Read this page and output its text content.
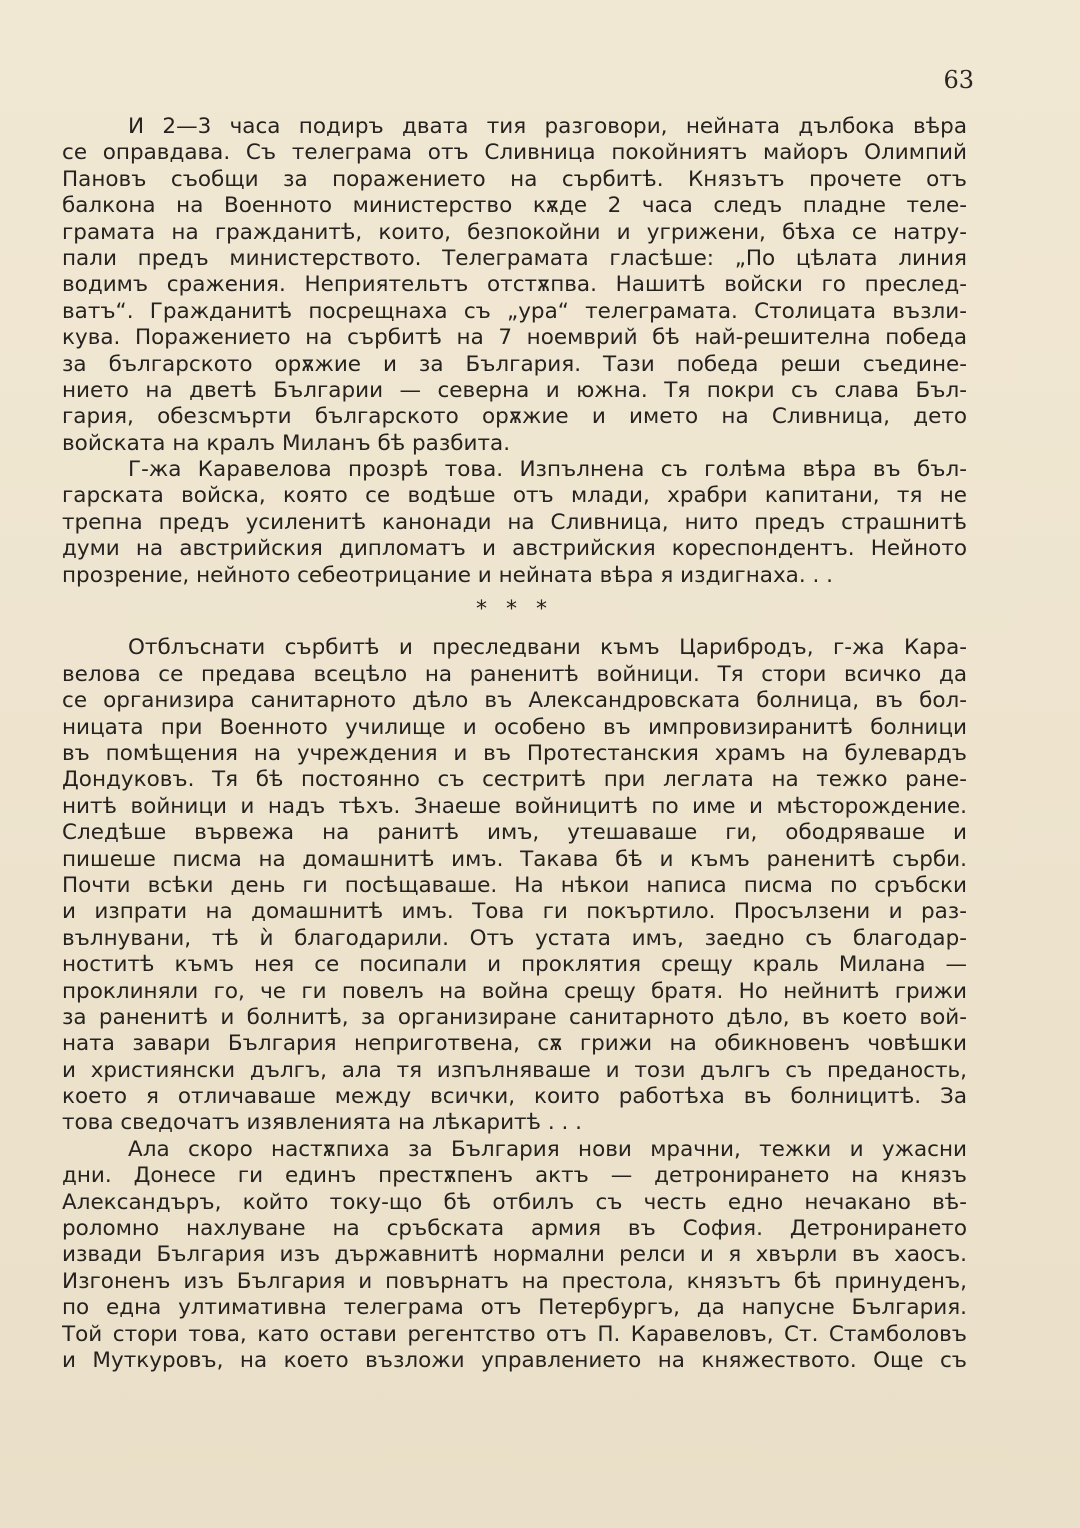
63
И 2—3 часа подиръ двата тия разговори, нейната дълбока вѣра
се оправдава. Съ телеграма отъ Сливница покойниятъ майоръ Олимпий
Пановъ съобщи за поражението на сърбитѣ. Князътъ прочете отъ
балкона на Военното министерство кѫде 2 часа следъ пладне теле-
грамата на гражданитѣ, които, безпокойни и угрижени, бѣха се натру-
пали предъ министерството. Телеграмата гласѣше: „По цѣлата линия
водимъ сражения. Неприятельтъ отстѫпва. Нашитѣ войски го преслед-
ватъ“. Гражданитѣ посрещнаха съ „ура“ телеграмата. Столицата възли-
кува. Поражението на сърбитѣ на 7 ноемврий бѣ най-решителна победа
за българското орѫжие и за България. Тази победа реши съедине-
нието на дветѣ Българии — северна и южна. Тя покри съ слава Бъл-
гария, обезсмърти българското орѫжие и името на Сливница, дето
войската на кралъ Миланъ бѣ разбита.
Г-жа Каравелова прозрѣ това. Изпълнена съ голѣма вѣра въ бъл-
гарската войска, която се водѣше отъ млади, храбри капитани, тя не
трепна предъ усиленитѣ канонади на Сливница, нито предъ страшнитѣ
думи на австрийския дипломатъ и австрийския кореспондентъ. Нейното
прозрение, нейното себеотрицание и нейната вѣра я издигнаха. . .
* * *
Отблъснати сърбитѣ и преследвани къмъ Царибродъ, г-жа Кара-
велова се предава всецѣло на раненитѣ войници. Тя стори всичко да
се организира санитарното дѣло въ Александровската болница, въ бол-
ницата при Военното училище и особено въ импровизиранитѣ болници
въ помѣщения на учреждения и въ Протестанския храмъ на булевардъ
Дондуковъ. Тя бѣ постоянно съ сестритѣ при леглата на тежко ране-
нитѣ войници и надъ тѣхъ. Знаеше войницитѣ по име и мѣсторождение.
Следѣше вървежа на ранитѣ имъ, утешаваше ги, ободряваше и
пишеше писма на домашнитѣ имъ. Такава бѣ и къмъ раненитѣ сърби.
Почти всѣки день ги посѣщаваше. На нѣкои написа писма по сръбски
и изпрати на домашнитѣ имъ. Това ги покъртило. Просълзени и раз-
вълнувани, тѣ ѝ благодарили. Отъ устата имъ, заедно съ благодар-
ноститѣ къмъ нея се посипали и проклятия срещу краль Милана —
проклиняли го, че ги повелъ на война срещу братя. Но нейнитѣ грижи
за раненитѣ и болнитѣ, за организиране санитарното дѣло, въ което вой-
ната завари България неприготвена, сѫ грижи на обикновенъ човѣшки
и християнски дългъ, ала тя изпълняваше и този дългъ съ преданость,
което я отличаваше между всички, които работѣха въ болницитѣ. За
това сведочатъ изявленията на лѣкаритѣ . . .
Ала скоро настѫпиха за България нови мрачни, тежки и ужасни
дни. Донесе ги единъ престѫпенъ актъ — детронирането на князъ
Александъръ, който току-що бѣ отбилъ съ честь едно нечакано вѣ-
роломно нахлуване на сръбската армия въ София. Детронирането
извади България изъ държавнитѣ нормални релси и я хвърли въ хаосъ.
Изгоненъ изъ България и повърнатъ на престола, князътъ бѣ принуденъ,
по една ултимативна телеграма отъ Петербургъ, да напусне България.
Той стори това, като остави регентство отъ П. Каравеловъ, Ст. Стамболовъ
и Муткуровъ, на което възложи управлението на княжеството. Още съ
